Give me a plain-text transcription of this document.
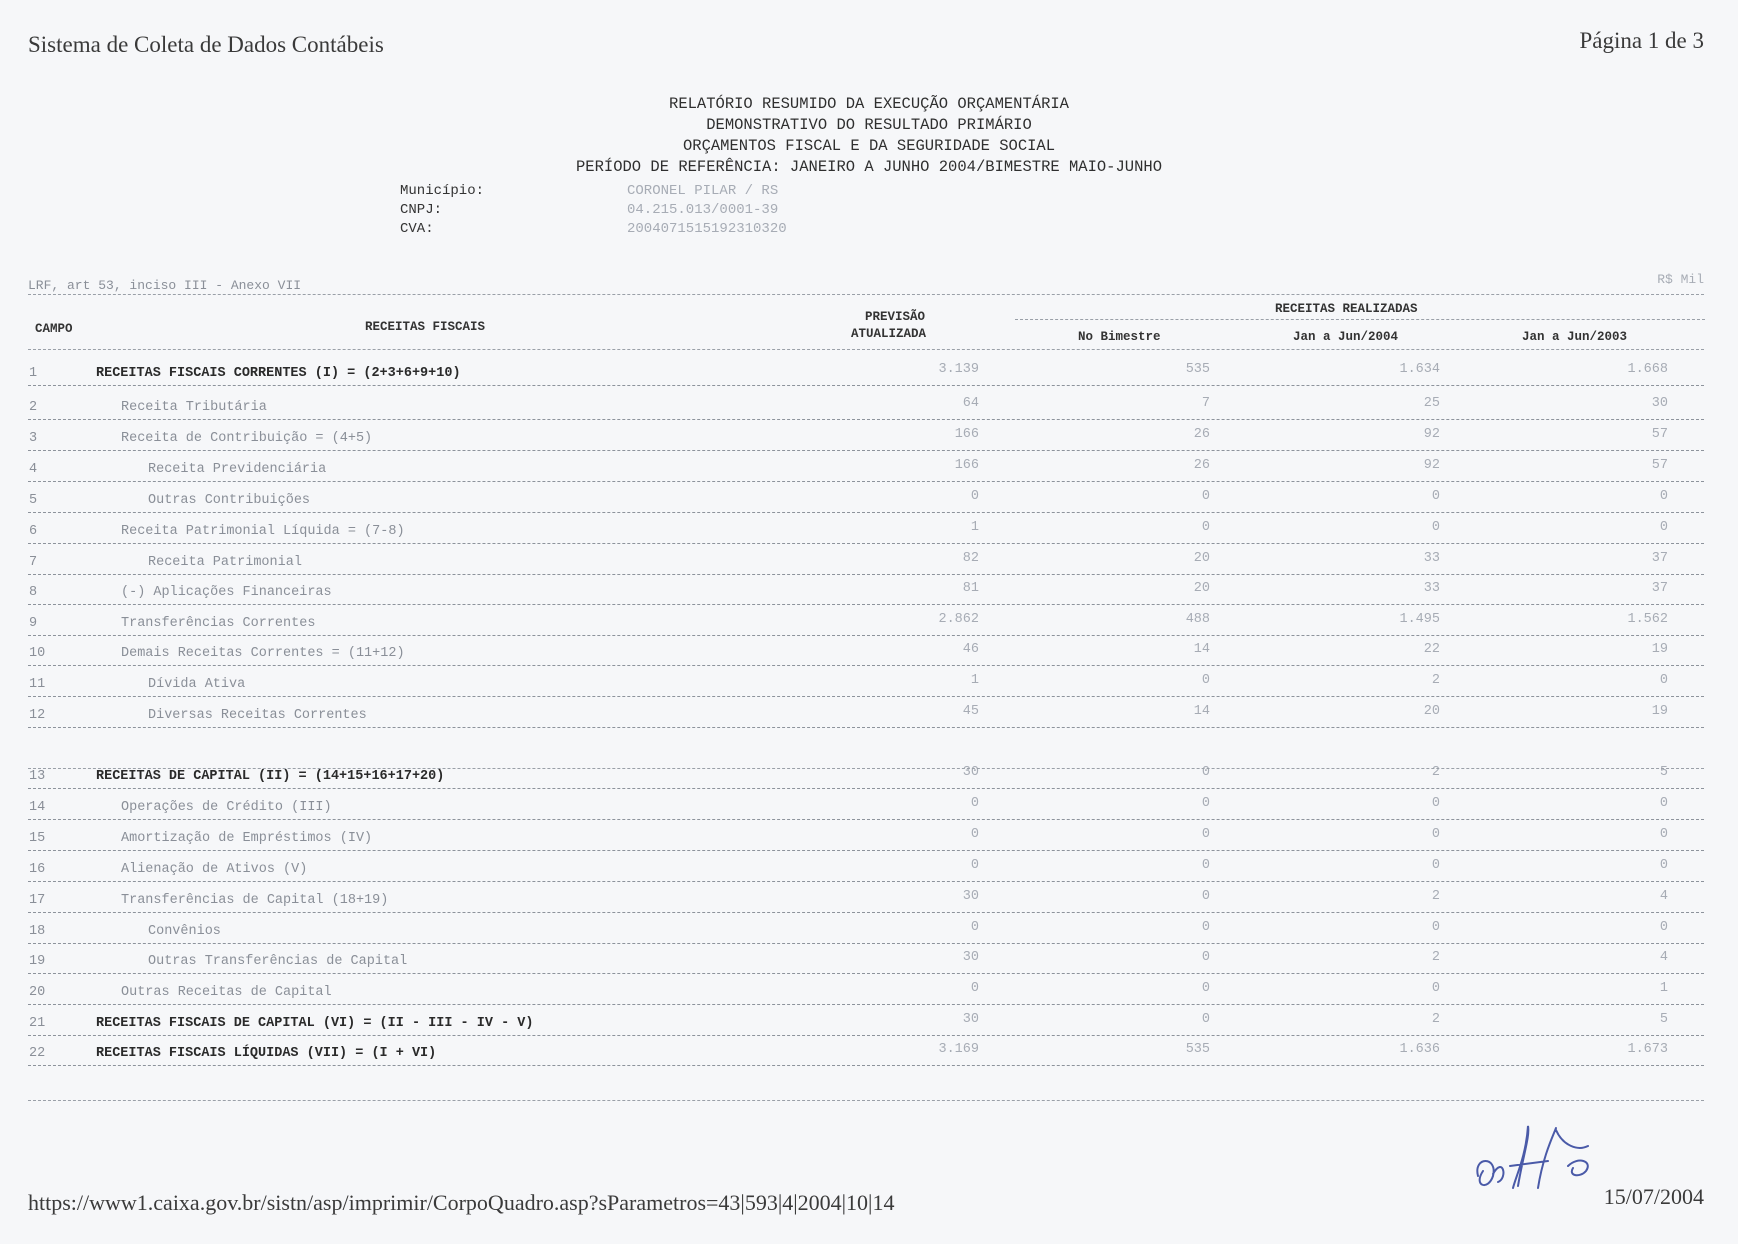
Sistema de Coleta de Dados Contábeis	Página 1 de 3
RELATÓRIO RESUMIDO DA EXECUÇÃO ORÇAMENTÁRIA
DEMONSTRATIVO DO RESULTADO PRIMÁRIO
ORÇAMENTOS FISCAL E DA SEGURIDADE SOCIAL
PERÍODO DE REFERÊNCIA: JANEIRO A JUNHO 2004/BIMESTRE MAIO-JUNHO
Município:	CORONEL PILAR / RS
CNPJ:	04.215.013/0001-39
CVA:	200407151519231032​0
LRF, art 53, inciso III - Anexo VII	R$ Mil
CAMPO	RECEITAS FISCAIS
PREVISÃO
ATUALIZADA
RECEITAS REALIZADAS
No Bimestre	Jan a Jun/2004	Jan a Jun/2003
1	RECEITAS FISCAIS CORRENTES (I) = (2+3+6+9+10)	3.139	535	1.634	1.668
2	Receita Tributária	64	7	25	30
3	Receita de Contribuição = (4+5)	166	26	92	57
4	Receita Previdenciária	166	26	92	57
5	Outras Contribuições	0	0	0	0
6	Receita Patrimonial Líquida = (7-8)	1	0	0	0
7	Receita Patrimonial	82	20	33	37
8	(-) Aplicações Financeiras	81	20	33	37
9	Transferências Correntes	2.862	488	1.495	1.562
10	Demais Receitas Correntes = (11+12)	46	14	22	19
11	Dívida Ativa	1	0	2	0
12	Diversas Receitas Correntes	45	14	20	19
13	RECEITAS DE CAPITAL (II) = (14+15+16+17+20)	30	0	2	5
14	Operações de Crédito (III)	0	0	0	0
15	Amortização de Empréstimos (IV)	0	0	0	0
16	Alienação de Ativos (V)	0	0	0	0
17	Transferências de Capital (18+19)	30	0	2	4
18	Convênios	0	0	0	0
19	Outras Transferências de Capital	30	0	2	4
20	Outras Receitas de Capital	0	0	0	1
21	RECEITAS FISCAIS DE CAPITAL (VI) = (II - III - IV - V)	30	0	2	5
22	RECEITAS FISCAIS LÍQUIDAS (VII) = (I + VI)	3.169	535	1.636	1.673
https://www1.caixa.gov.br/sistn/asp/imprimir/CorpoQuadro.asp?sParametros=43|593|4|2004|10|14	15/07/2004
